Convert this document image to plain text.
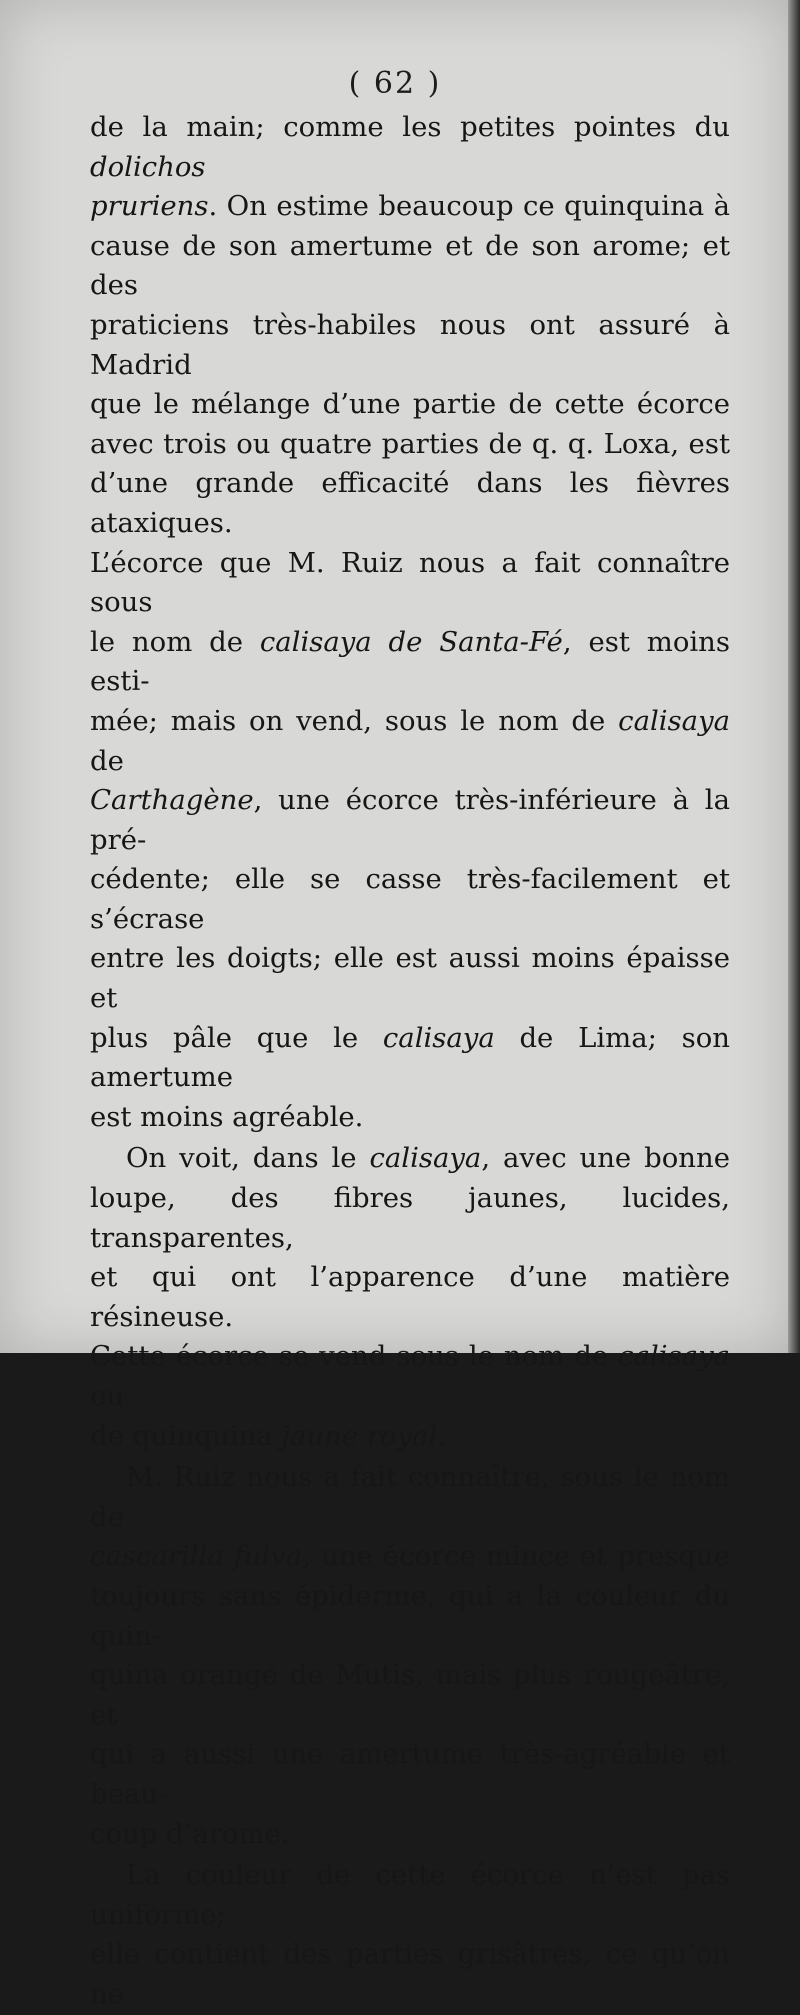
( 62 )

de la main; comme les petites pointes du dolichos

pruriens. On estime beaucoup ce quinquina à

cause de son amertume et de son arome; et des

praticiens très-habiles nous ont assuré à Madrid

que le mélange d’une partie de cette écorce

avec trois ou quatre parties de q. q. Loxa, est

d’une grande efficacité dans les fièvres ataxiques.

L’écorce que M. Ruiz nous a fait connaître sous

le nom de calisaya de Santa-Fé, est moins esti-

mée; mais on vend, sous le nom de calisaya de

Carthagène, une écorce très-inférieure à la pré-

cédente; elle se casse très-facilement et s’écrase

entre les doigts; elle est aussi moins épaisse et

plus pâle que le calisaya de Lima; son amertume

est moins agréable.

On voit, dans le calisaya, avec une bonne

loupe, des fibres jaunes, lucides, transparentes,

et qui ont l’apparence d’une matière résineuse.

Cette écorce se vend sous le nom de calisaya ou

de quinquina jaune royal.

M. Ruiz nous a fait connaître, sous le nom de

cascarilla fulva, une écorce mince et presque

toujours sans épiderme, qui a la couleur du quin-

quina orangé de Mutis, mais plus rougeâtre, et

qui a aussi une amertume très-agréable et beau-

coup d’arome.

La couleur de cette écorce n’est pas uniforme;

elle contient des parties grisâtres, ce qu’on ne
